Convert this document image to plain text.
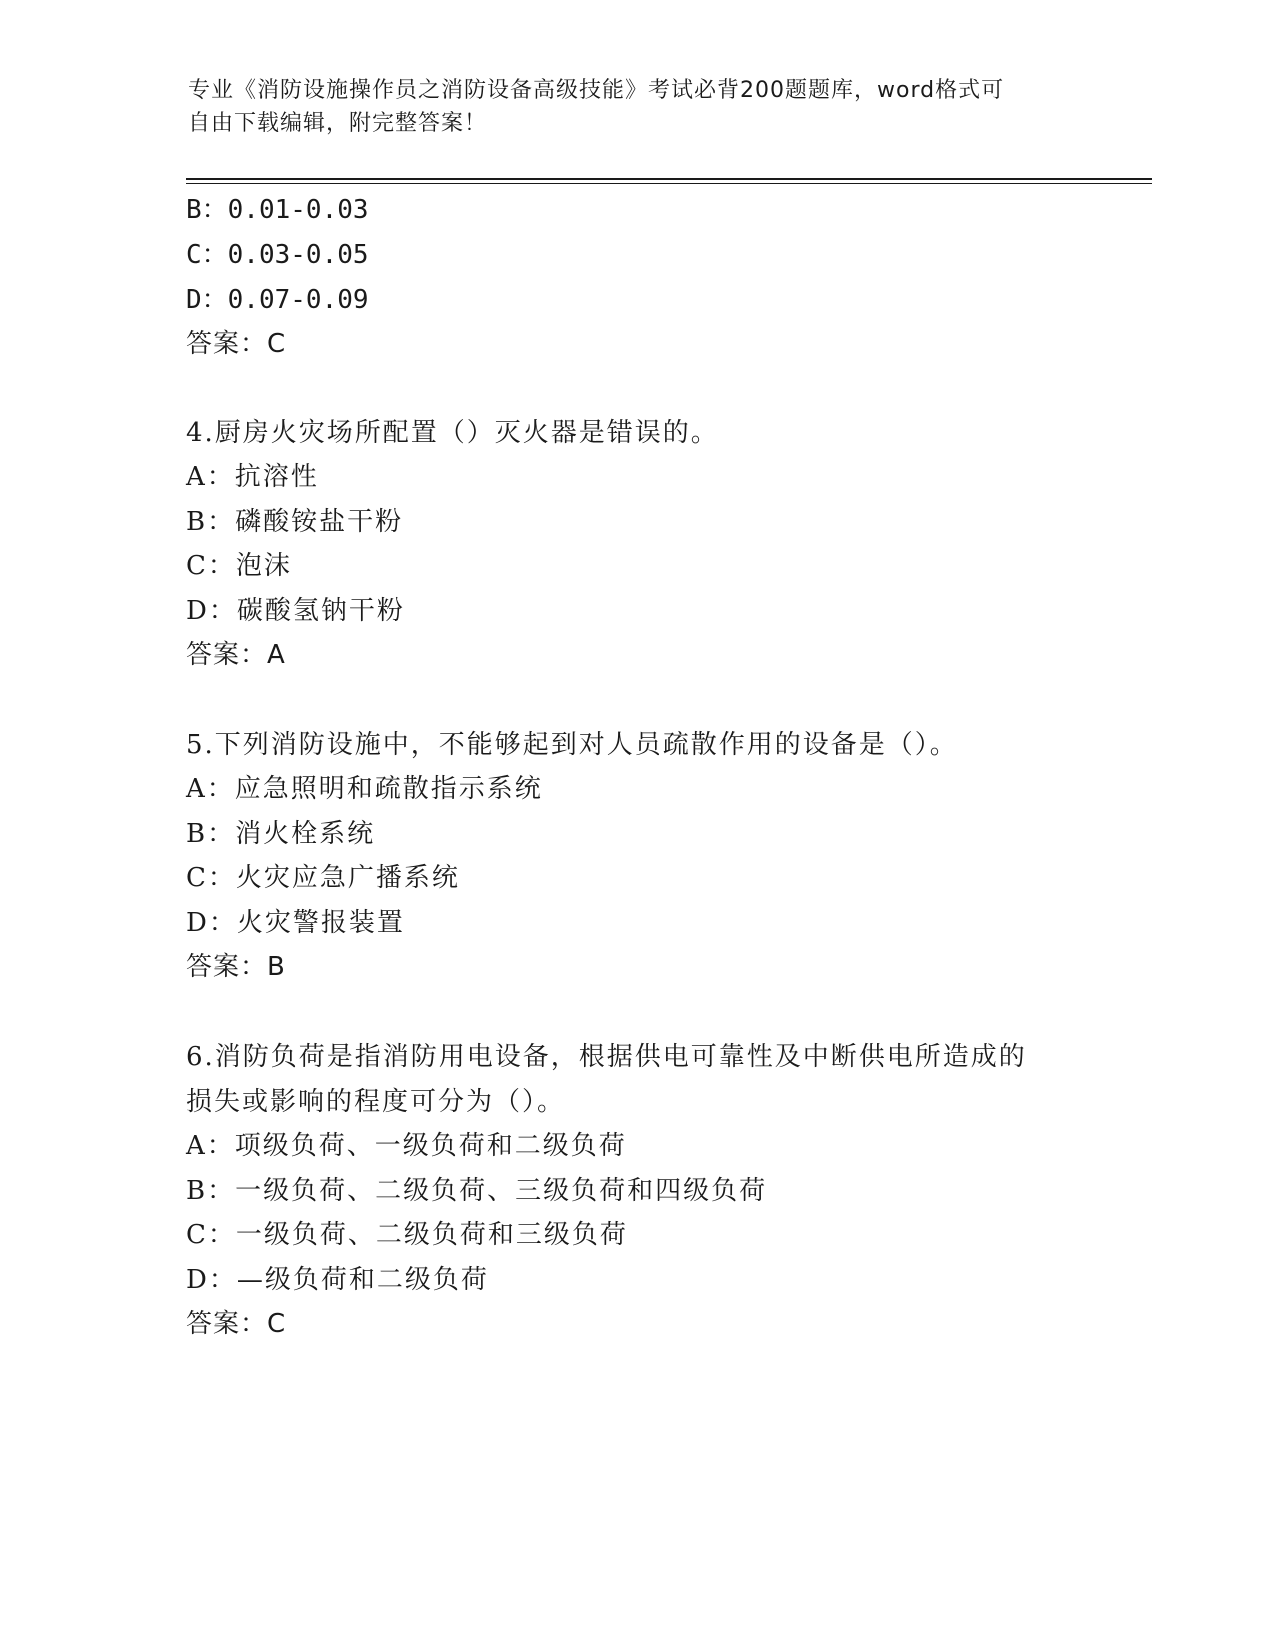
专业《消防设施操作员之消防设备高级技能》考试必背200题题库，word格式可
自由下载编辑，附完整答案！
B：0.01-0.03
C：0.03-0.05
D：0.07-0.09
答案：C
4.厨房火灾场所配置（）灭火器是错误的。
A：抗溶性
B：磷酸铵盐干粉
C：泡沫
D：碳酸氢钠干粉
答案：A
5.下列消防设施中，不能够起到对人员疏散作用的设备是（）。
A：应急照明和疏散指示系统
B：消火栓系统
C：火灾应急广播系统
D：火灾警报装置
答案：B
6.消防负荷是指消防用电设备，根据供电可靠性及中断供电所造成的
损失或影响的程度可分为（）。
A：项级负荷、一级负荷和二级负荷
B：一级负荷、二级负荷、三级负荷和四级负荷
C：一级负荷、二级负荷和三级负荷
D：—级负荷和二级负荷
答案：C
